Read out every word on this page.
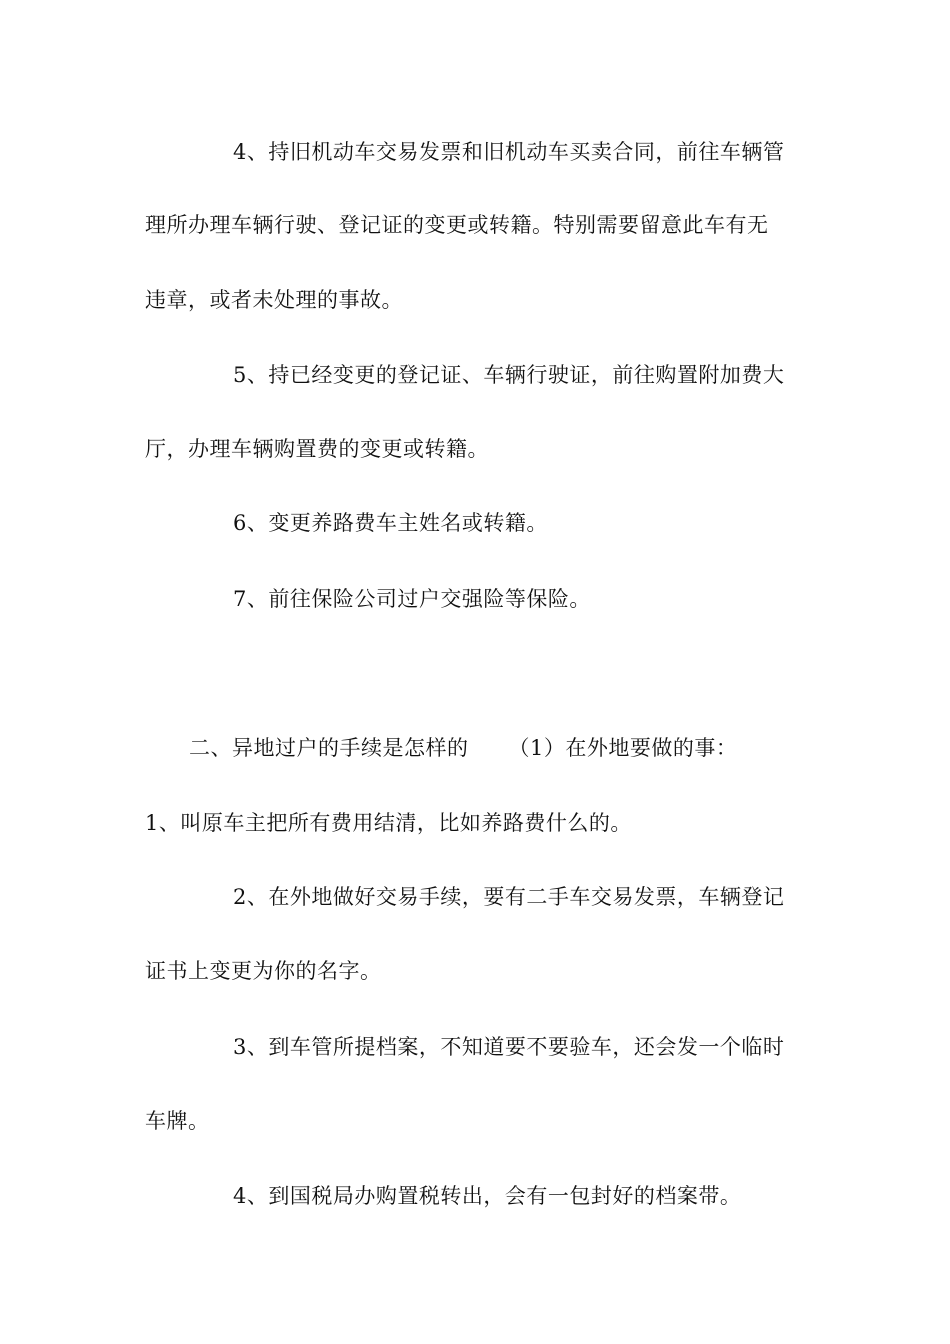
4、持旧机动车交易发票和旧机动车买卖合同，前往车辆管
理所办理车辆行驶、登记证的变更或转籍。特别需要留意此车有无
违章，或者未处理的事故。
5、持已经变更的登记证、车辆行驶证，前往购置附加费大
厅，办理车辆购置费的变更或转籍。
6、变更养路费车主姓名或转籍。
7、前往保险公司过户交强险等保险。
二、异地过户的手续是怎样的 （1）在外地要做的事：
1、叫原车主把所有费用结清，比如养路费什么的。
2、在外地做好交易手续，要有二手车交易发票，车辆登记
证书上变更为你的名字。
3、到车管所提档案，不知道要不要验车，还会发一个临时
车牌。
4、到国税局办购置税转出，会有一包封好的档案带。
